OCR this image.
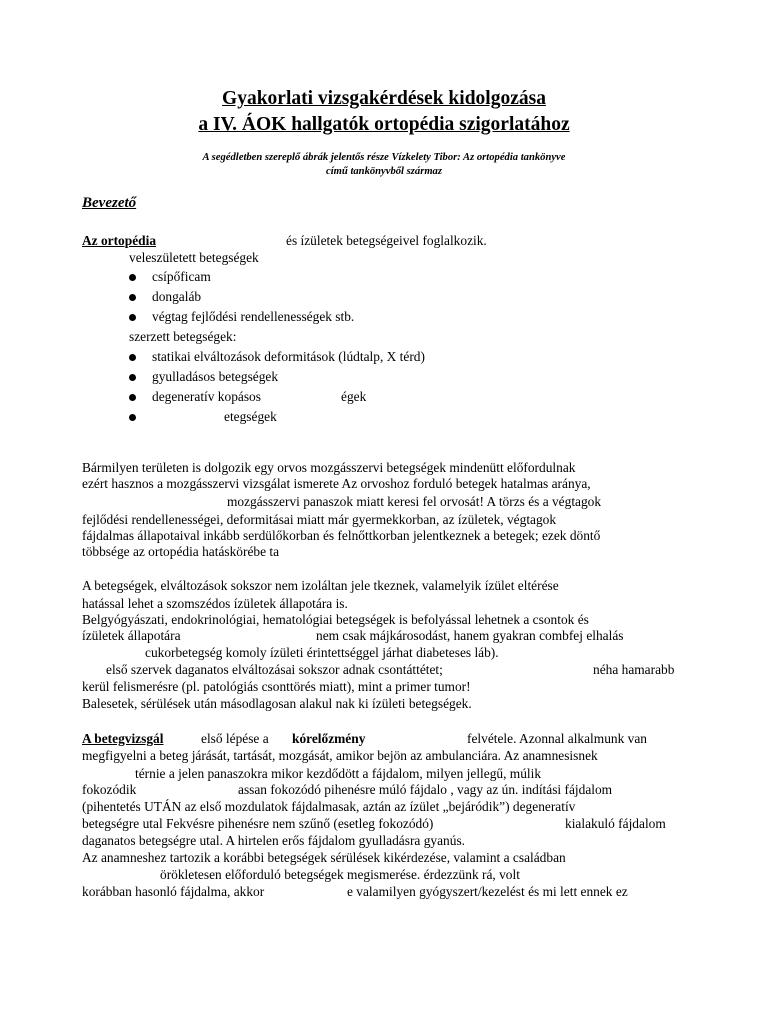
Gyakorlati vizsgakérdések kidolgozása
a IV. ÁOK hallgatók ortopédia szigorlatához
A segédletben szereplő ábrák jelentős része Vízkelety Tibor: Az ortopédia tankönyve
című tankönyvből származ
Bevezető
Az ortopédia	és ízületek betegségeivel foglalkozik.
veleszületett betegségek
csípőficam
dongaláb
végtag fejlődési rendellenességek stb.
szerzett betegségek:
statikai elváltozások deformitások (lúdtalp, X térd)
gyulladásos betegségek
degeneratív kopásos	égek
etegségek
Bármilyen területen is dolgozik egy orvos mozgásszervi betegségek mindenütt előfordulnak
ezért hasznos a mozgásszervi vizsgálat ismerete Az orvoshoz forduló betegek hatalmas aránya,
mozgásszervi panaszok miatt keresi fel orvosát! A törzs és a végtagok
fejlődési rendellenességei, deformitásai miatt már gyermekkorban, az ízületek, végtagok
fájdalmas állapotaival inkább serdülőkorban és felnőttkorban jelentkeznek a betegek; ezek döntő
többsége az ortopédia hatáskörébe ta
A betegségek, elváltozások sokszor nem izoláltan jele tkeznek, valamelyik ízület eltérése
hatással lehet a szomszédos ízületek állapotára is.
Belgyógyászati, endokrinológiai, hematológiai betegségek is befolyással lehetnek a csontok és
ízületek állapotára	nem csak májkárosodást, hanem gyakran combfej elhalás
cukorbetegség komoly ízületi érintettséggel járhat diabeteses láb).
első szervek daganatos elváltozásai sokszor adnak csontáttétet;	néha hamarabb
kerül felismerésre (pl. patológiás csonttörés miatt), mint a primer tumor!
Balesetek, sérülések után másodlagosan alakul nak ki ízületi betegségek.
A betegvizsgál	első lépése a kórelőzmény	felvétele. Azonnal alkalmunk van
megfigyelni a beteg járását, tartását, mozgását, amikor bejön az ambulanciára. Az anamnesisnek
térnie a jelen panaszokra mikor kezdődött a fájdalom, milyen jellegű, múlik
fokozódik	assan fokozódó pihenésre múló fájdalo , vagy az ún. indítási fájdalom
(pihentetés UTÁN az első mozdulatok fájdalmasak, aztán az ízület „bejáródik”) degeneratív
betegségre utal Fekvésre pihenésre nem szűnő (esetleg fokozódó)	kialakuló fájdalom
daganatos betegségre utal. A hirtelen erős fájdalom gyulladásra gyanús.
Az anamneshez tartozik a korábbi betegségek sérülések kikérdezése, valamint a családban
örökletesen előforduló betegségek megismerése. érdezzünk rá, volt
korábban hasonló fájdalma, akkor	e valamilyen gyógyszert/kezelést és mi lett ennek ez
